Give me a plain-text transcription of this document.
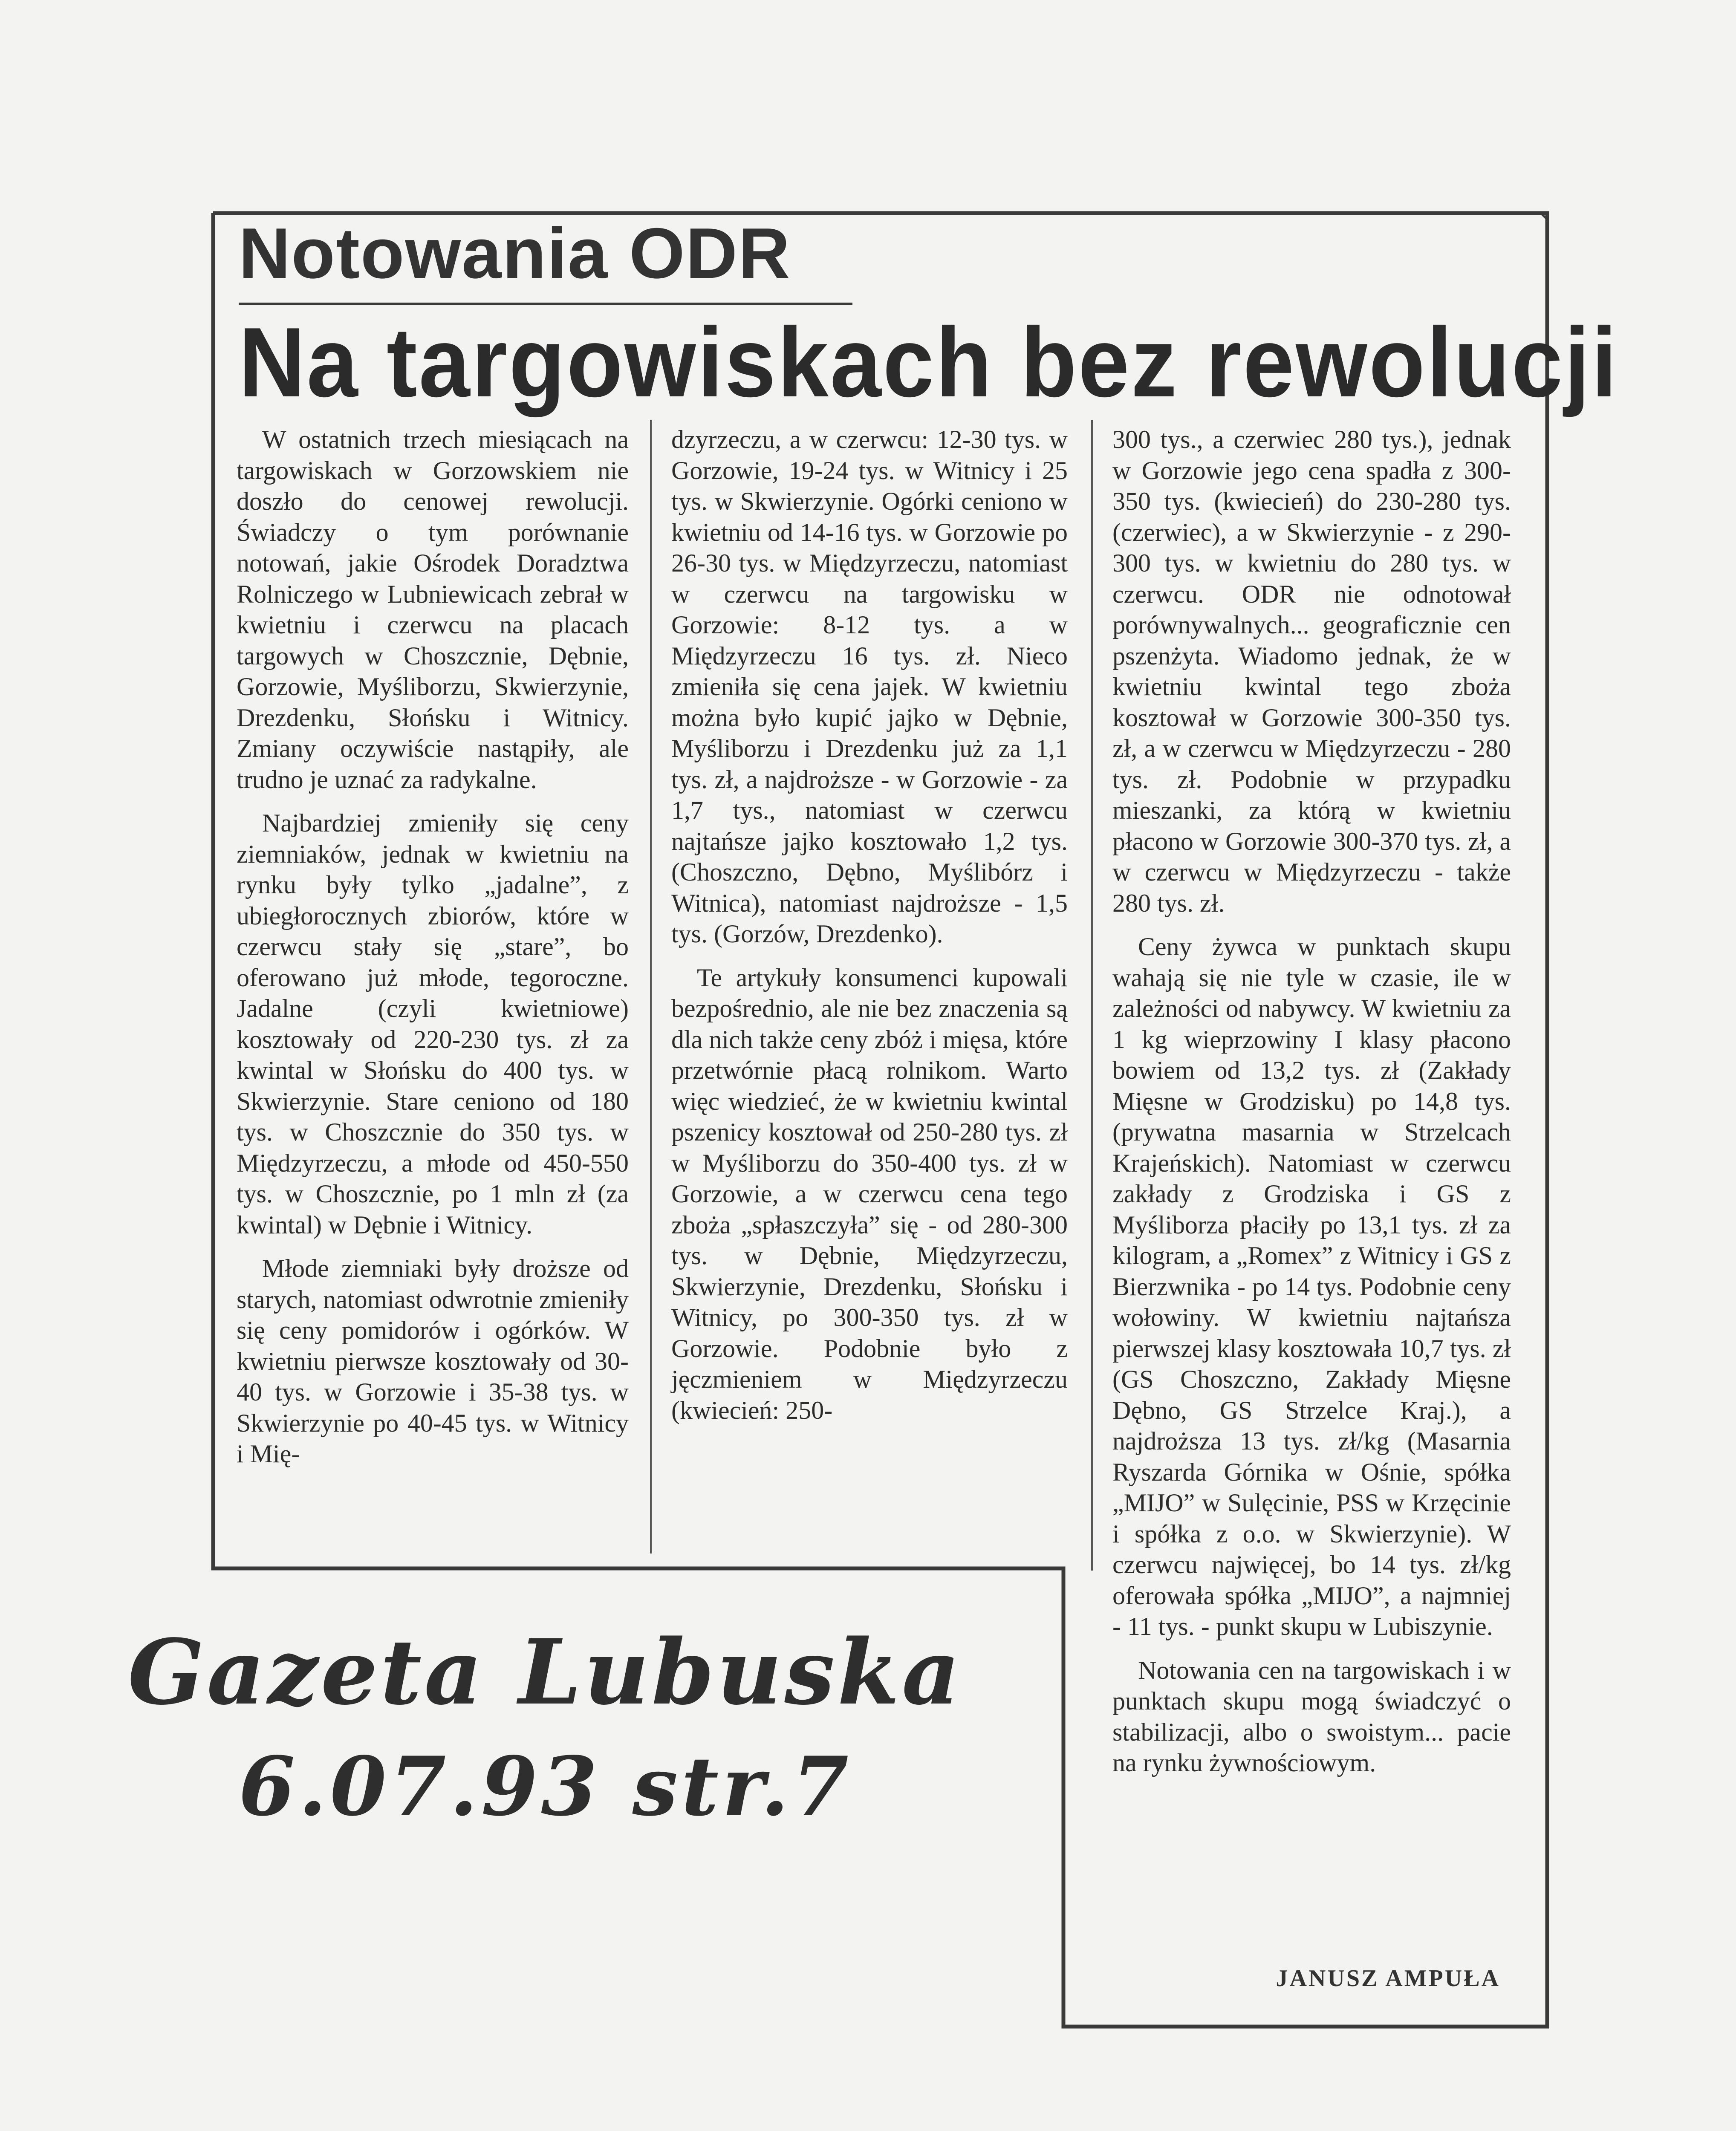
Notowania ODR
Na targowiskach bez rewolucji

W ostatnich trzech miesiącach na targowiskach w Gorzowskiem nie doszło do cenowej rewolucji. Świadczy o tym porównanie notowań, jakie Ośrodek Doradztwa Rolniczego w Lubniewicach zebrał w kwietniu i czerwcu na placach targowych w Choszcznie, Dębnie, Gorzowie, Myśliborzu, Skwierzynie, Drezdenku, Słońsku i Witnicy. Zmiany oczywiście nastąpiły, ale trudno je uznać za radykalne.

Najbardziej zmieniły się ceny ziemniaków, jednak w kwietniu na rynku były tylko „jadalne”, z ubiegłorocznych zbiorów, które w czerwcu stały się „stare”, bo oferowano już młode, tegoroczne. Jadalne (czyli kwietniowe) kosztowały od 220-230 tys. zł za kwintal w Słońsku do 400 tys. w Skwierzynie. Stare ceniono od 180 tys. w Choszcznie do 350 tys. w Międzyrzeczu, a młode od 450-550 tys. w Choszcznie, po 1 mln zł (za kwintal) w Dębnie i Witnicy.

Młode ziemniaki były droższe od starych, natomiast odwrotnie zmieniły się ceny pomidorów i ogórków. W kwietniu pierwsze kosztowały od 30-40 tys. w Gorzowie i 35-38 tys. w Skwierzynie po 40-45 tys. w Witnicy i Mię-

dzyrzeczu, a w czerwcu: 12-30 tys. w Gorzowie, 19-24 tys. w Witnicy i 25 tys. w Skwierzynie. Ogórki ceniono w kwietniu od 14-16 tys. w Gorzowie po 26-30 tys. w Międzyrzeczu, natomiast w czerwcu na targowisku w Gorzowie: 8-12 tys. a w Międzyrzeczu 16 tys. zł. Nieco zmieniła się cena jajek. W kwietniu można było kupić jajko w Dębnie, Myśliborzu i Drezdenku już za 1,1 tys. zł, a najdroższe - w Gorzowie - za 1,7 tys., natomiast w czerwcu najtańsze jajko kosztowało 1,2 tys. (Choszczno, Dębno, Myślibórz i Witnica), natomiast najdroższe - 1,5 tys. (Gorzów, Drezdenko).

Te artykuły konsumenci kupowali bezpośrednio, ale nie bez znaczenia są dla nich także ceny zbóż i mięsa, które przetwórnie płacą rolnikom. Warto więc wiedzieć, że w kwietniu kwintal pszenicy kosztował od 250-280 tys. zł w Myśliborzu do 350-400 tys. zł w Gorzowie, a w czerwcu cena tego zboża „spłaszczyła” się - od 280-300 tys. w Dębnie, Międzyrzeczu, Skwierzynie, Drezdenku, Słońsku i Witnicy, po 300-350 tys. zł w Gorzowie. Podobnie było z jęczmieniem w Międzyrzeczu (kwiecień: 250-

300 tys., a czerwiec 280 tys.), jednak w Gorzowie jego cena spadła z 300-350 tys. (kwiecień) do 230-280 tys. (czerwiec), a w Skwierzynie - z 290-300 tys. w kwietniu do 280 tys. w czerwcu. ODR nie odnotował porównywalnych... geograficznie cen pszenżyta. Wiadomo jednak, że w kwietniu kwintal tego zboża kosztował w Gorzowie 300-350 tys. zł, a w czerwcu w Międzyrzeczu - 280 tys. zł. Podobnie w przypadku mieszanki, za którą w kwietniu płacono w Gorzowie 300-370 tys. zł, a w czerwcu w Międzyrzeczu - także 280 tys. zł.

Ceny żywca w punktach skupu wahają się nie tyle w czasie, ile w zależności od nabywcy. W kwietniu za 1 kg wieprzowiny I klasy płacono bowiem od 13,2 tys. zł (Zakłady Mięsne w Grodzisku) po 14,8 tys. (prywatna masarnia w Strzelcach Krajeńskich). Natomiast w czerwcu zakłady z Grodziska i GS z Myśliborza płaciły po 13,1 tys. zł za kilogram, a „Romex” z Witnicy i GS z Bierzwnika - po 14 tys. Podobnie ceny wołowiny. W kwietniu najtańsza pierwszej klasy kosztowała 10,7 tys. zł (GS Choszczno, Zakłady Mięsne Dębno, GS Strzelce Kraj.), a najdroższa 13 tys. zł/kg (Masarnia Ryszarda Górnika w Ośnie, spółka „MIJO” w Sulęcinie, PSS w Krzęcinie i spółka z o.o. w Skwierzynie). W czerwcu najwięcej, bo 14 tys. zł/kg oferowała spółka „MIJO”, a najmniej - 11 tys. - punkt skupu w Lubiszynie.

Notowania cen na targowiskach i w punktach skupu mogą świadczyć o stabilizacji, albo o swoistym... pacie na rynku żywnościowym.

JANUSZ AMPUŁA
Gazeta Lubuska
6.07.93 str.7
